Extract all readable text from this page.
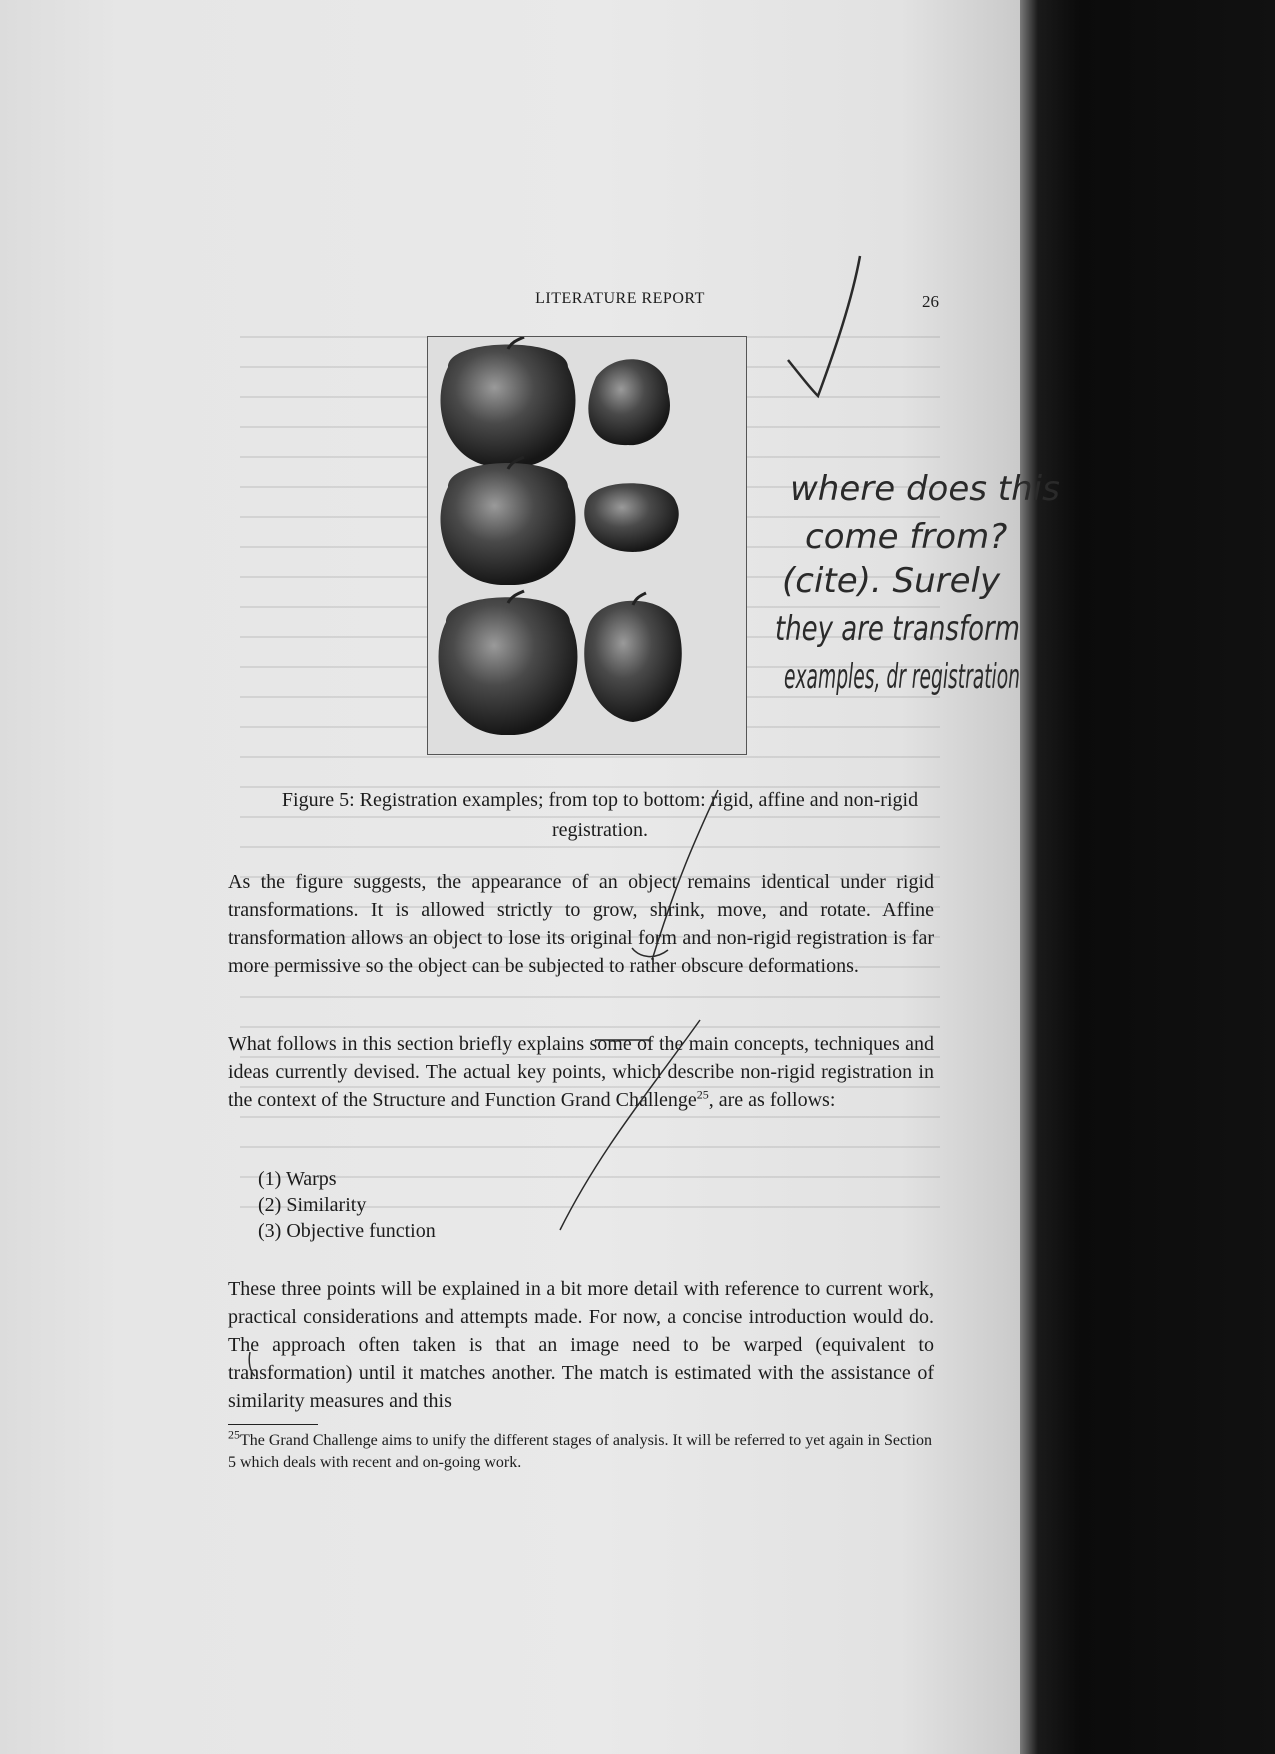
LITERATURE REPORT	26
Figure 5: Registration examples; from top to bottom: rigid, affine and non-rigid registration.

As the figure suggests, the appearance of an object remains identical under rigid transformations. It is allowed strictly to grow, shrink, move, and rotate. Affine transformation allows an object to lose its original form and non-rigid registration is far more permissive so the object can be subjected to rather obscure deformations.

What follows in this section briefly explains some of the main concepts, techniques and ideas currently devised. The actual key points, which describe non-rigid registration in the context of the Structure and Function Grand Challenge$^{25}$, are as follows:

(1) Warps
(2) Similarity
(3) Objective function

These three points will be explained in a bit more detail with reference to current work, practical considerations and attempts made. For now, a concise introduction would do. The approach often taken is that an image need to be warped (equivalent to transformation) until it matches another. The match is estimated with the assistance of similarity measures and this

$^{25}$The Grand Challenge aims to unify the different stages of analysis. It will be referred to yet again in Section 5 which deals with recent and on-going work.

where does this
come from?
(cite). Surely
they are transform
examples, dr registration
